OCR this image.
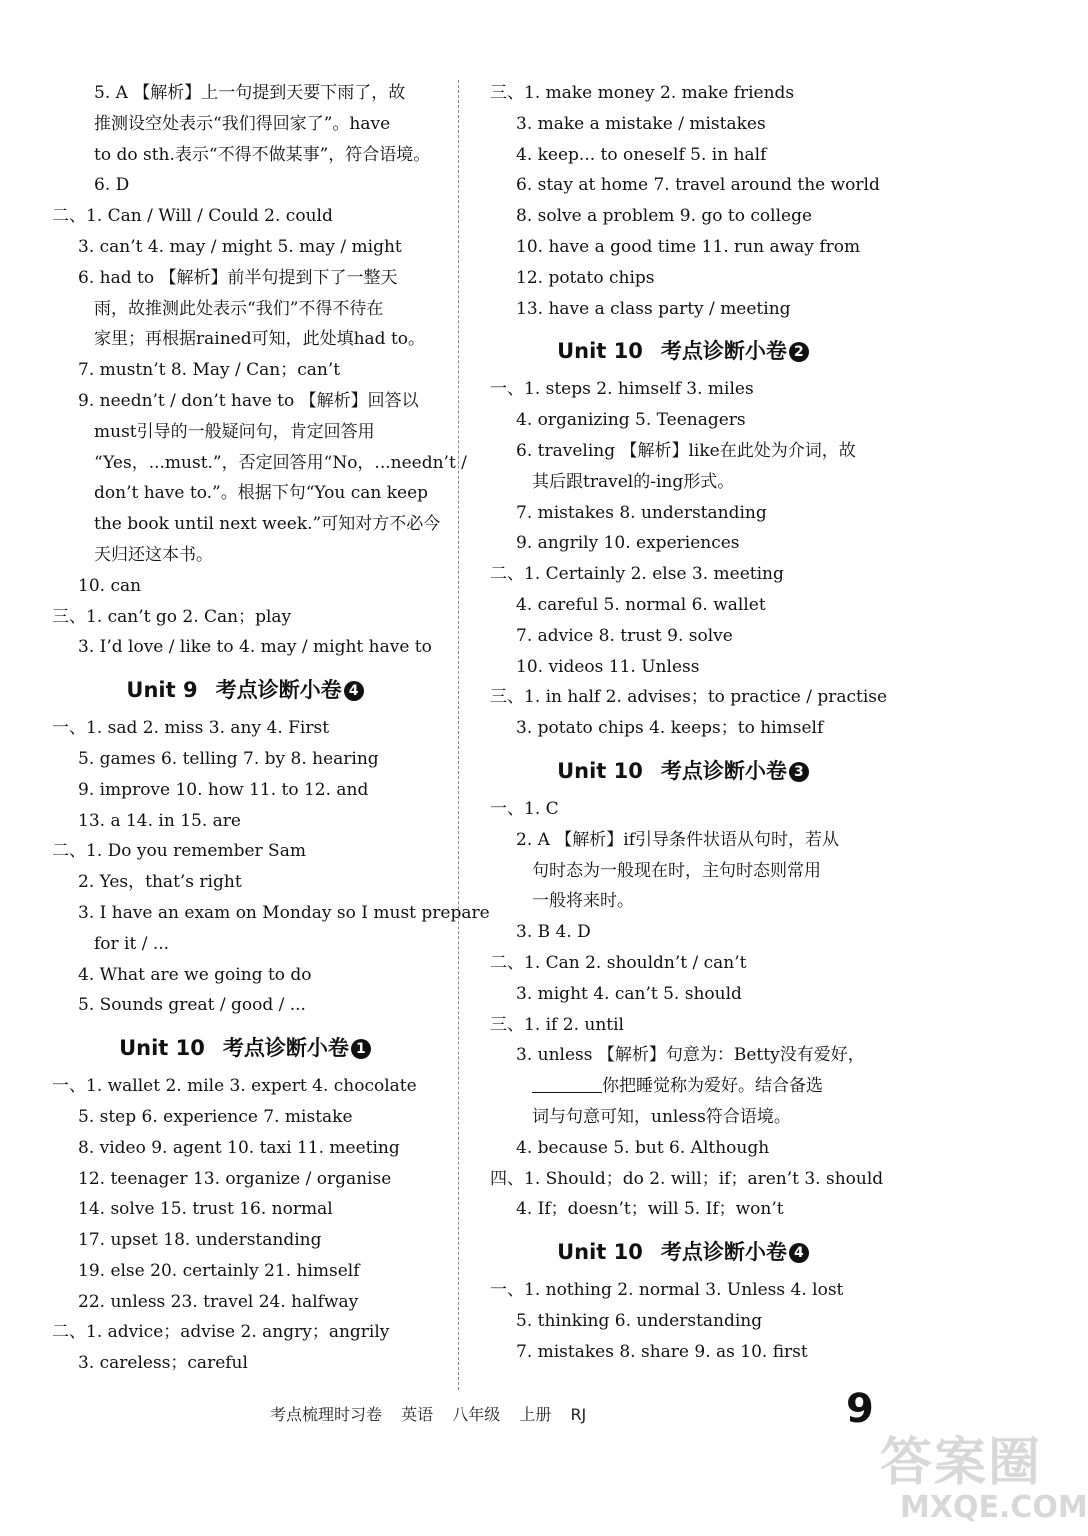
5. A 【解析】上一句提到天要下雨了，故
推测设空处表示“我们得回家了”。have
to do sth.表示“不得不做某事”，符合语境。
6. D
二、1. Can / Will / Could 2. could
3. can’t 4. may / might 5. may / might
6. had to 【解析】前半句提到下了一整天
雨，故推测此处表示“我们”不得不待在
家里；再根据rained可知，此处填had to。
7. mustn’t 8. May / Can；can’t
9. needn’t / don’t have to 【解析】回答以
must引导的一般疑问句，肯定回答用
“Yes，...must.”，否定回答用“No，...needn’t /
don’t have to.”。根据下句“You can keep
the book until next week.”可知对方不必今
天归还这本书。
10. can
三、1. can’t go 2. Can；play
3. I’d love / like to 4. may / might have to
Unit 9 考点诊断小卷 4
一、1. sad 2. miss 3. any 4. First
5. games 6. telling 7. by 8. hearing
9. improve 10. how 11. to 12. and
13. a 14. in 15. are
二、1. Do you remember Sam
2. Yes，that’s right
3. I have an exam on Monday so I must prepare
for it / ...
4. What are we going to do
5. Sounds great / good / ...
Unit 10 考点诊断小卷 1
一、1. wallet 2. mile 3. expert 4. chocolate
5. step 6. experience 7. mistake
8. video 9. agent 10. taxi 11. meeting
12. teenager 13. organize / organise
14. solve 15. trust 16. normal
17. upset 18. understanding
19. else 20. certainly 21. himself
22. unless 23. travel 24. halfway
二、1. advice；advise 2. angry；angrily
3. careless；careful
三、1. make money 2. make friends
3. make a mistake / mistakes
4. keep... to oneself 5. in half
6. stay at home 7. travel around the world
8. solve a problem 9. go to college
10. have a good time 11. run away from
12. potato chips
13. have a class party / meeting
Unit 10 考点诊断小卷 2
一、1. steps 2. himself 3. miles
4. organizing 5. Teenagers
6. traveling 【解析】like在此处为介词，故
其后跟travel的-ing形式。
7. mistakes 8. understanding
9. angrily 10. experiences
二、1. Certainly 2. else 3. meeting
4. careful 5. normal 6. wallet
7. advice 8. trust 9. solve
10. videos 11. Unless
三、1. in half 2. advises；to practice / practise
3. potato chips 4. keeps；to himself
Unit 10 考点诊断小卷 3
一、1. C
2. A 【解析】if引导条件状语从句时，若从
句时态为一般现在时，主句时态则常用
一般将来时。
3. B 4. D
二、1. Can 2. shouldn’t / can’t
3. might 4. can’t 5. should
三、1. if 2. until
3. unless 【解析】句意为：Betty没有爱好，
你把睡觉称为爱好。结合备选
词与句意可知，unless符合语境。
4. because 5. but 6. Although
四、1. Should；do 2. will；if；aren’t 3. should
4. If；doesn’t；will 5. If；won’t
Unit 10 考点诊断小卷 4
一、1. nothing 2. normal 3. Unless 4. lost
5. thinking 6. understanding
7. mistakes 8. share 9. as 10. first
考点梳理时习卷 英语 八年级 上册 RJ	9
答案圈
MXQE.COM
